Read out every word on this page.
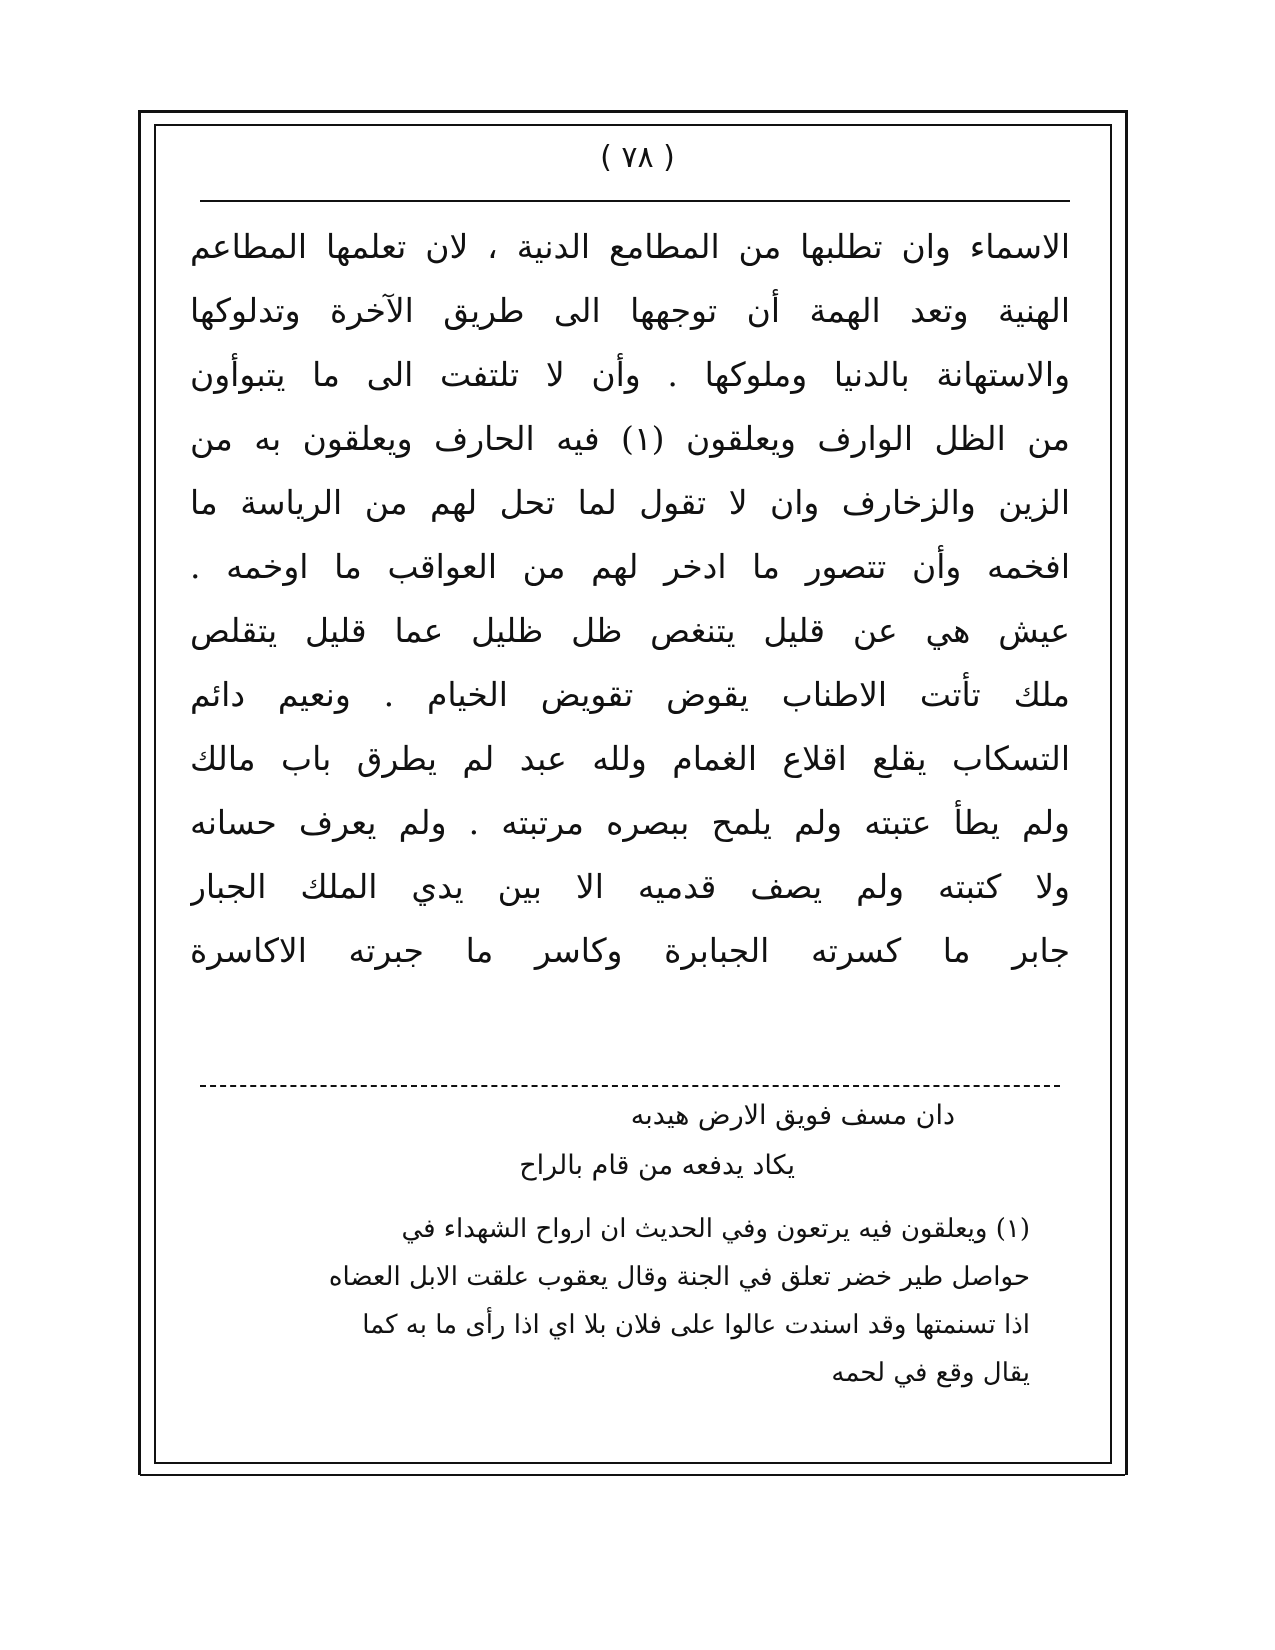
( ٧٨ )
الاسماء وان تطلبها من المطامع الدنية ، لان تعلمها المطاعم
الهنية وتعد الهمة أن توجهها الى طريق الآخرة وتدلوكها
والاستهانة بالدنيا وملوكها . وأن لا تلتفت الى ما يتبوأون
من الظل الوارف ويعلقون (١) فيه الحارف ويعلقون به من
الزين والزخارف وان لا تقول لما تحل لهم من الرياسة ما
افخمه وأن تتصور ما ادخر لهم من العواقب ما اوخمه .
عيش هي عن قليل يتنغص ظل ظليل عما قليل يتقلص
ملك تأتت الاطناب يقوض تقويض الخيام . ونعيم دائم
التسكاب يقلع اقلاع الغمام ولله عبد لم يطرق باب مالك
ولم يطأ عتبته ولم يلمح ببصره مرتبته . ولم يعرف حسانه
ولا كتبته ولم يصف قدميه الا بين يدي الملك الجبار
جابر ما كسرته الجبابرة وكاسر ما جبرته الاكاسرة
دان مسف فويق الارض هيدبه
يكاد يدفعه من قام بالراح
(١) ويعلقون فيه يرتعون وفي الحديث ان ارواح الشهداء في
حواصل طير خضر تعلق في الجنة وقال يعقوب علقت الابل العضاه
اذا تسنمتها وقد اسندت عالوا على فلان بلا اي اذا رأى ما به كما
يقال وقع في لحمه
